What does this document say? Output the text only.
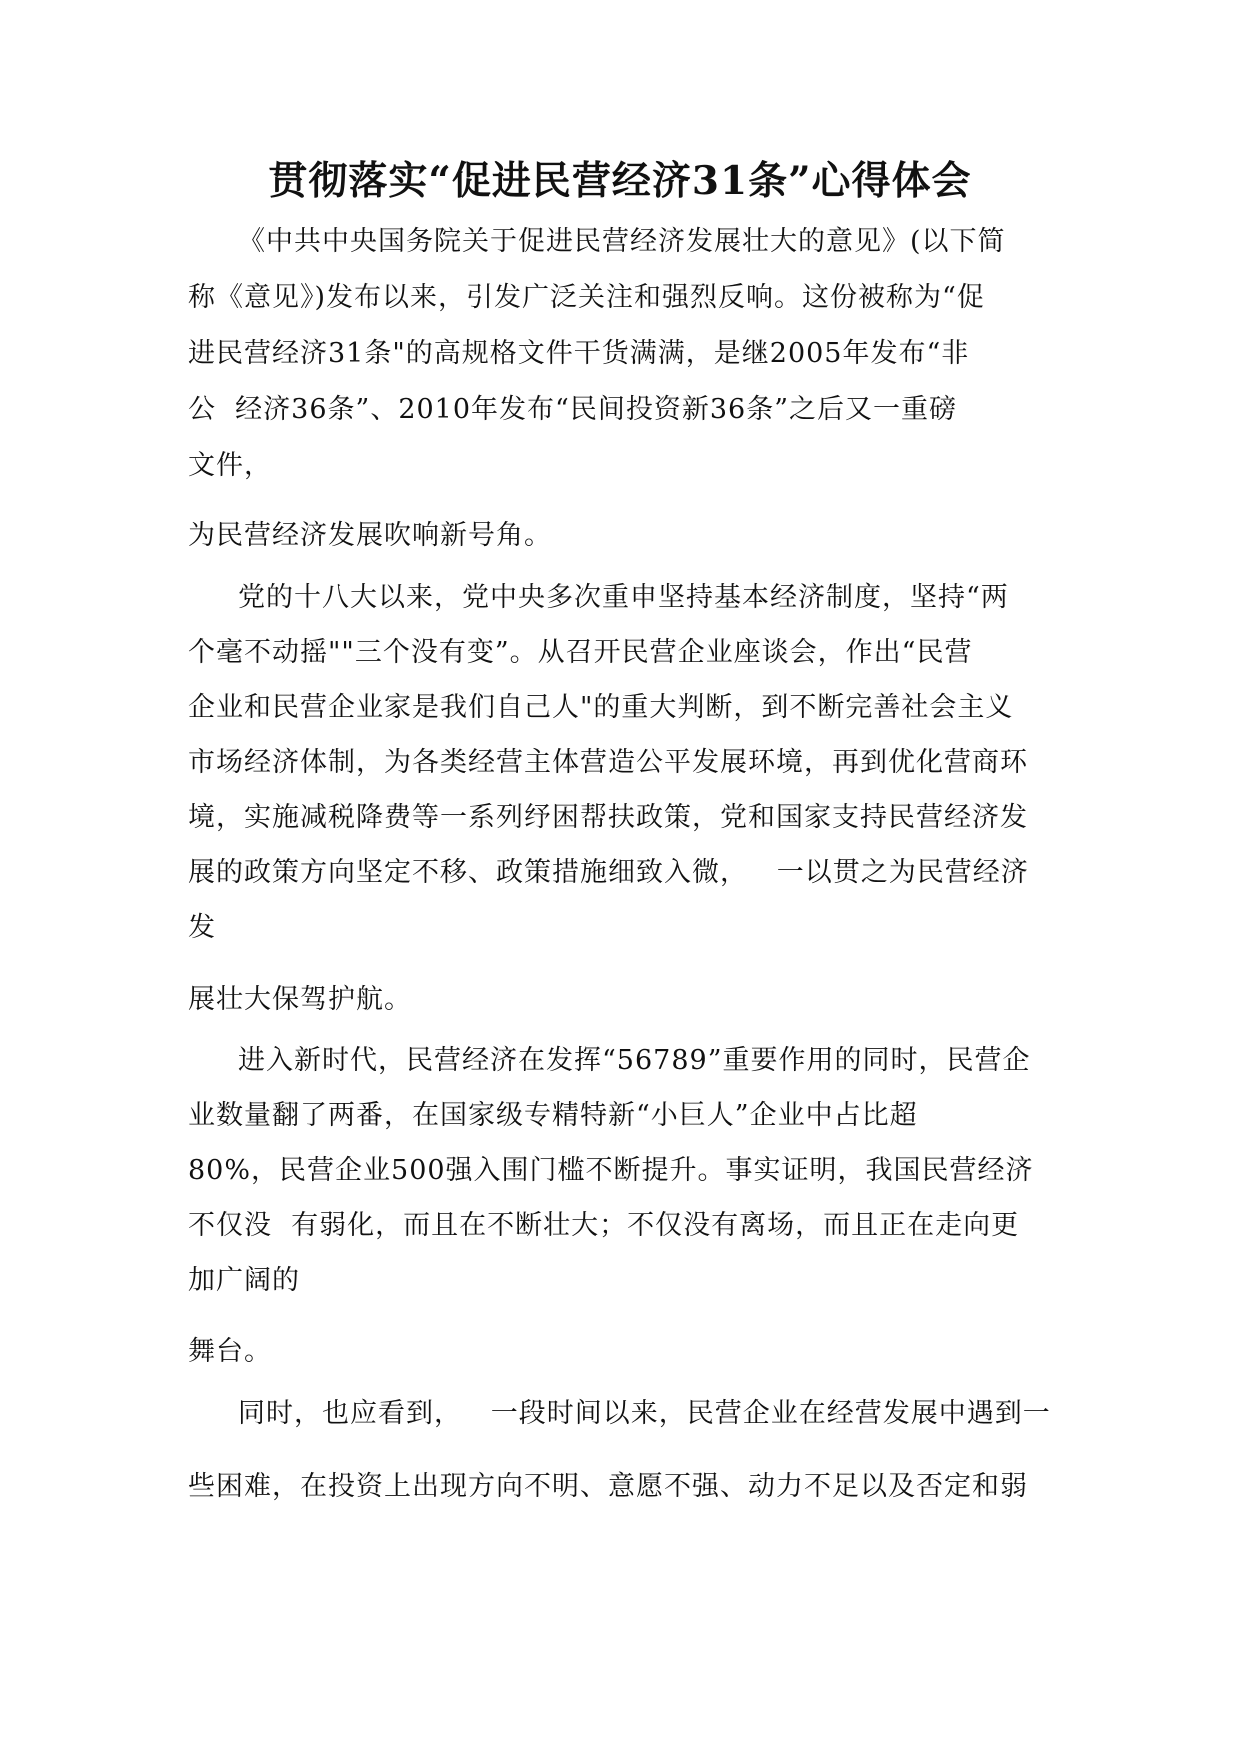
贯彻落实“促进民营经济31条”心得体会
《中共中央国务院关于促进民营经济发展壮大的意见》(以下简
称《意见》)发布以来，引发广泛关注和强烈反响。这份被称为“促
进民营经济31条"的高规格文件干货满满，是继2005年发布“非
公  经济36条”、2010年发布“民间投资新36条”之后又一重磅
文件，
为民营经济发展吹响新号角。
党的十八大以来，党中央多次重申坚持基本经济制度，坚持“两
个毫不动摇""三个没有变”。从召开民营企业座谈会，作出“民营
企业和民营企业家是我们自己人"的重大判断，到不断完善社会主义
市场经济体制，为各类经营主体营造公平发展环境，再到优化营商环
境，实施减税降费等一系列纾困帮扶政策，党和国家支持民营经济发
展的政策方向坚定不移、政策措施细致入微，   一以贯之为民营经济
发
展壮大保驾护航。
进入新时代，民营经济在发挥“56789”重要作用的同时，民营企
业数量翻了两番，在国家级专精特新“小巨人”企业中占比超
80%，民营企业500强入围门槛不断提升。事实证明，我国民营经济
不仅没  有弱化，而且在不断壮大；不仅没有离场，而且正在走向更
加广阔的
舞台。
同时，也应看到，   一段时间以来，民营企业在经营发展中遇到一
些困难，在投资上出现方向不明、意愿不强、动力不足以及否定和弱
